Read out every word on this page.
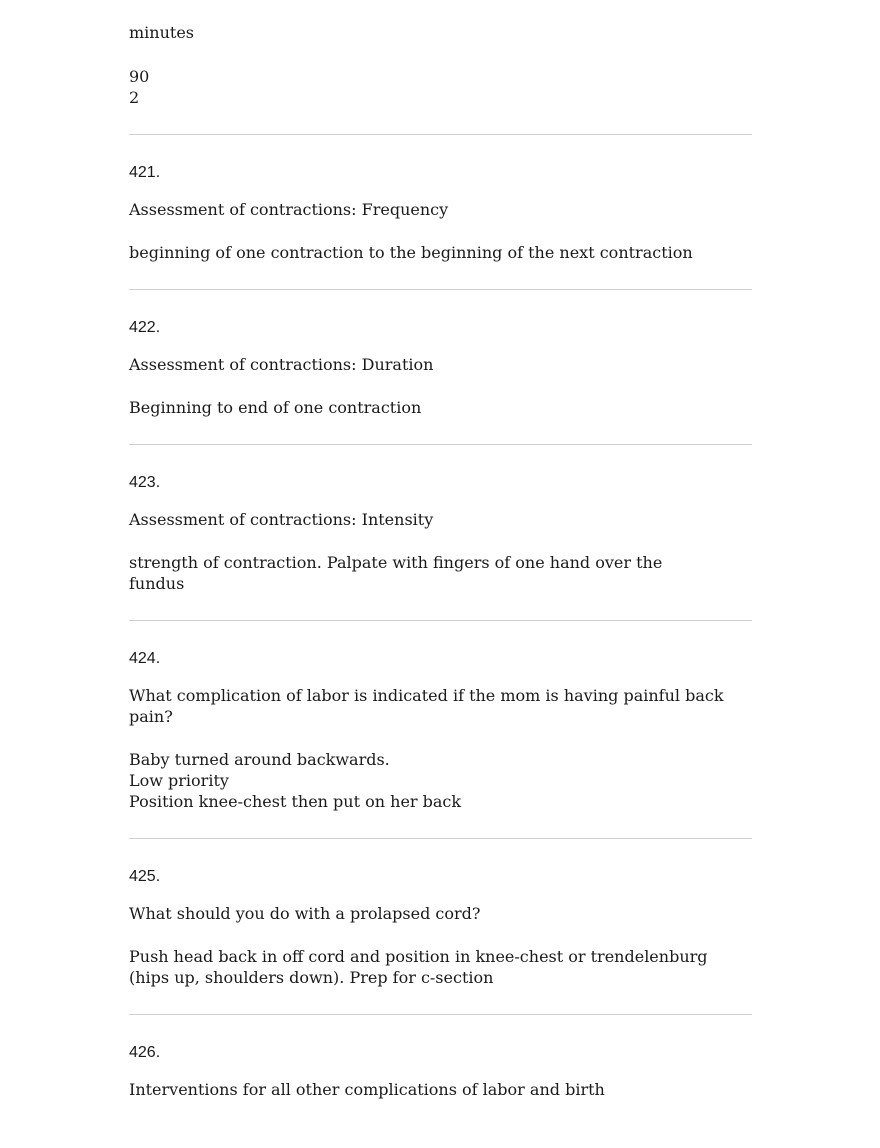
minutes
90
2
421.
Assessment of contractions: Frequency
beginning of one contraction to the beginning of the next contraction
422.
Assessment of contractions: Duration
Beginning to end of one contraction
423.
Assessment of contractions: Intensity
strength of contraction. Palpate with fingers of one hand over the
fundus
424.
What complication of labor is indicated if the mom is having painful back
pain?
Baby turned around backwards.
Low priority
Position knee-chest then put on her back
425.
What should you do with a prolapsed cord?
Push head back in off cord and position in knee-chest or trendelenburg
(hips up, shoulders down). Prep for c-section
426.
Interventions for all other complications of labor and birth
